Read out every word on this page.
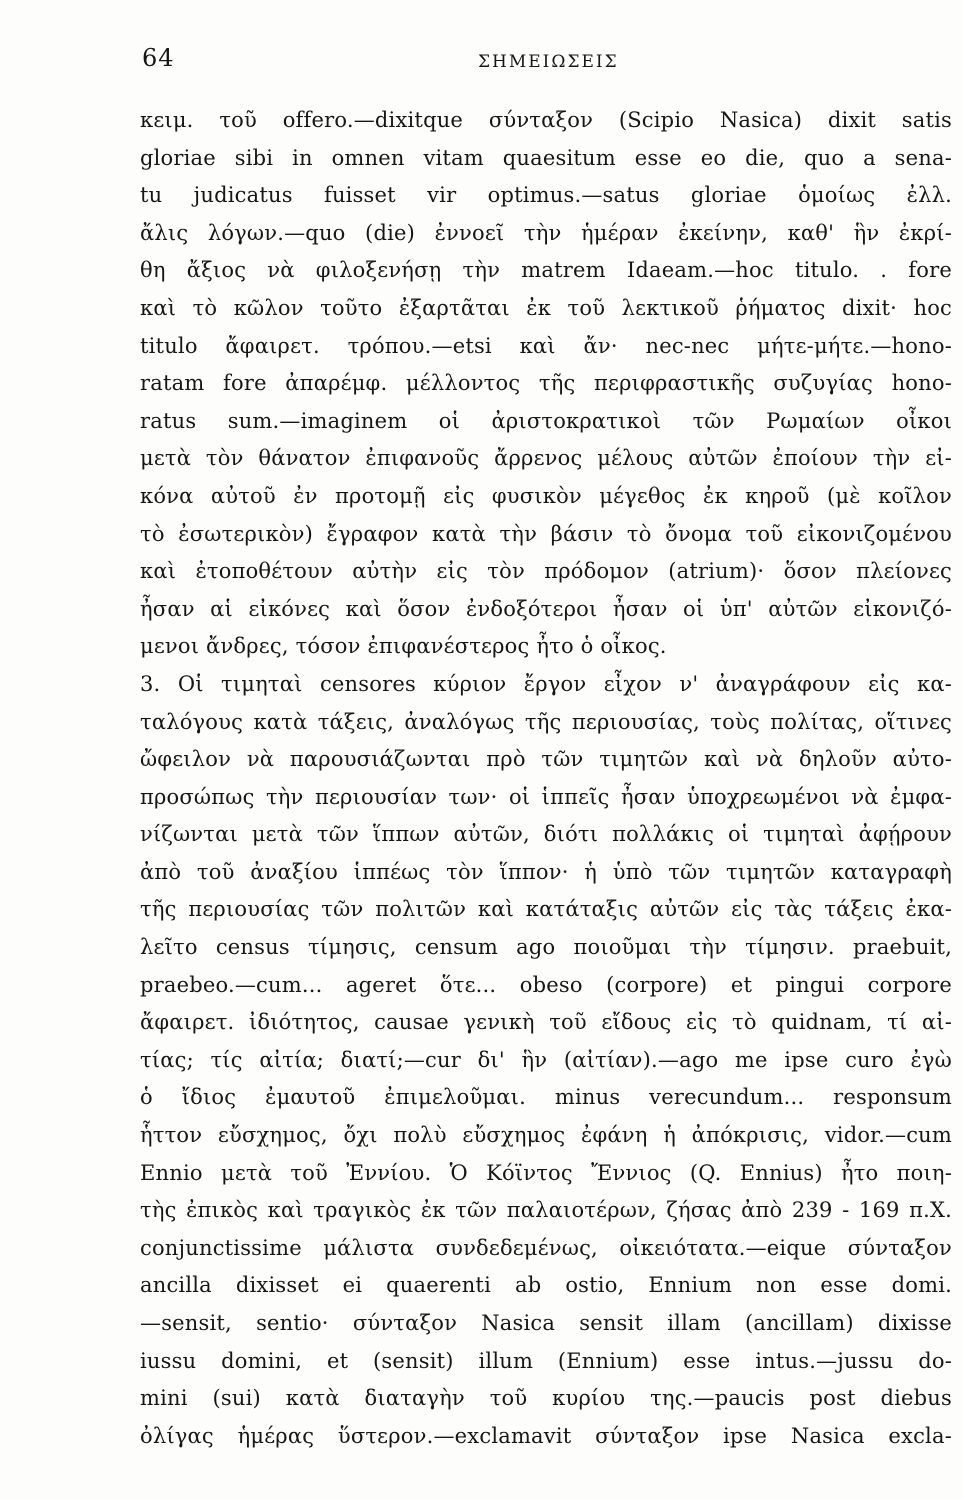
64	ΣΗΜΕΙΩΣΕΙΣ
κειμ. τοῦ offero.—dixitque σύνταξον (Scipio Nasica) dixit satis
gloriae sibi in omnen vitam quaesitum esse eo die, quo a sena-
tu judicatus fuisset vir optimus.—satus gloriae ὁμοίως ἐλλ.
ἄλις λόγων.—quo (die) ἐννοεῖ τὴν ἡμέραν ἐκείνην, καθ' ἣν ἐκρί-
θη ἄξιος νὰ φιλοξενήσῃ τὴν matrem Idaeam.—hoc titulo. . fore
καὶ τὸ κῶλον τοῦτο ἐξαρτᾶται ἐκ τοῦ λεκτικοῦ ῥήματος dixit· hoc
titulo ἄφαιρετ. τρόπου.—etsi καὶ ἄν· nec-nec μήτε-μήτε.—hono-
ratam fore ἀπαρέμφ. μέλλοντος τῆς περιφραστικῆς συζυγίας hono-
ratus sum.—imaginem οἱ ἀριστοκρατικοὶ τῶν Ρωμαίων οἶκοι
μετὰ τὸν θάνατον ἐπιφανοῦς ἄρρενος μέλους αὐτῶν ἐποίουν τὴν εἰ-
κόνα αὐτοῦ ἐν προτομῇ εἰς φυσικὸν μέγεθος ἐκ κηροῦ (μὲ κοῖλον
τὸ ἐσωτερικὸν) ἔγραφον κατὰ τὴν βάσιν τὸ ὄνομα τοῦ εἰκονιζομένου
καὶ ἐτοποθέτουν αὐτὴν εἰς τὸν πρόδομον (atrium)· ὅσον πλείονες
ἦσαν αἱ εἰκόνες καὶ ὅσον ἐνδοξότεροι ἦσαν οἱ ὑπ' αὐτῶν εἰκονιζό-
μενοι ἄνδρες, τόσον ἐπιφανέστερος ἦτο ὁ οἶκος.
3. Οἱ τιμηταὶ censores κύριον ἔργον εἶχον ν' ἀναγράφουν εἰς κα-
ταλόγους κατὰ τάξεις, ἀναλόγως τῆς περιουσίας, τοὺς πολίτας, οἵτινες
ὤφειλον νὰ παρουσιάζωνται πρὸ τῶν τιμητῶν καὶ νὰ δηλοῦν αὐτο-
προσώπως τὴν περιουσίαν των· οἱ ἱππεῖς ἦσαν ὑποχρεωμένοι νὰ ἐμφα-
νίζωνται μετὰ τῶν ἵππων αὐτῶν, διότι πολλάκις οἱ τιμηταὶ ἀφῄρουν
ἀπὸ τοῦ ἀναξίου ἱππέως τὸν ἵππον· ἡ ὑπὸ τῶν τιμητῶν καταγραφὴ
τῆς περιουσίας τῶν πολιτῶν καὶ κατάταξις αὐτῶν εἰς τὰς τάξεις ἐκα-
λεῖτο census τίμησις, censum ago ποιοῦμαι τὴν τίμησιν. praebuit,
praebeo.—cum... ageret ὅτε... obeso (corpore) et pingui corpore
ἄφαιρετ. ἰδιότητος, causae γενικὴ τοῦ εἴδους εἰς τὸ quidnam, τί αἰ-
τίας; τίς αἰτία; διατί;—cur δι' ἣν (αἰτίαν).—ago me ipse curo ἐγὼ
ὁ ἴδιος ἐμαυτοῦ ἐπιμελοῦμαι. minus verecundum... responsum
ἧττον εὔσχημος, ὄχι πολὺ εὔσχημος ἐφάνη ἡ ἀπόκρισις, vidor.—cum
Ennio μετὰ τοῦ Ἐννίου. Ὁ Κόϊντος Ἔννιος (Q. Ennius) ἦτο ποιη-
τὴς ἐπικὸς καὶ τραγικὸς ἐκ τῶν παλαιοτέρων, ζήσας ἀπὸ 239 - 169 π.Χ.
conjunctissime μάλιστα συνδεδεμένως, οἰκειότατα.—eique σύνταξον
ancilla dixisset ei quaerenti ab ostio, Ennium non esse domi.
—sensit, sentio· σύνταξον Nasica sensit illam (ancillam) dixisse
iussu domini, et (sensit) illum (Ennium) esse intus.—jussu do-
mini (sui) κατὰ διαταγὴν τοῦ κυρίου της.—paucis post diebus
ὀλίγας ἡμέρας ὕστερον.—exclamavit σύνταξον ipse Nasica excla-
